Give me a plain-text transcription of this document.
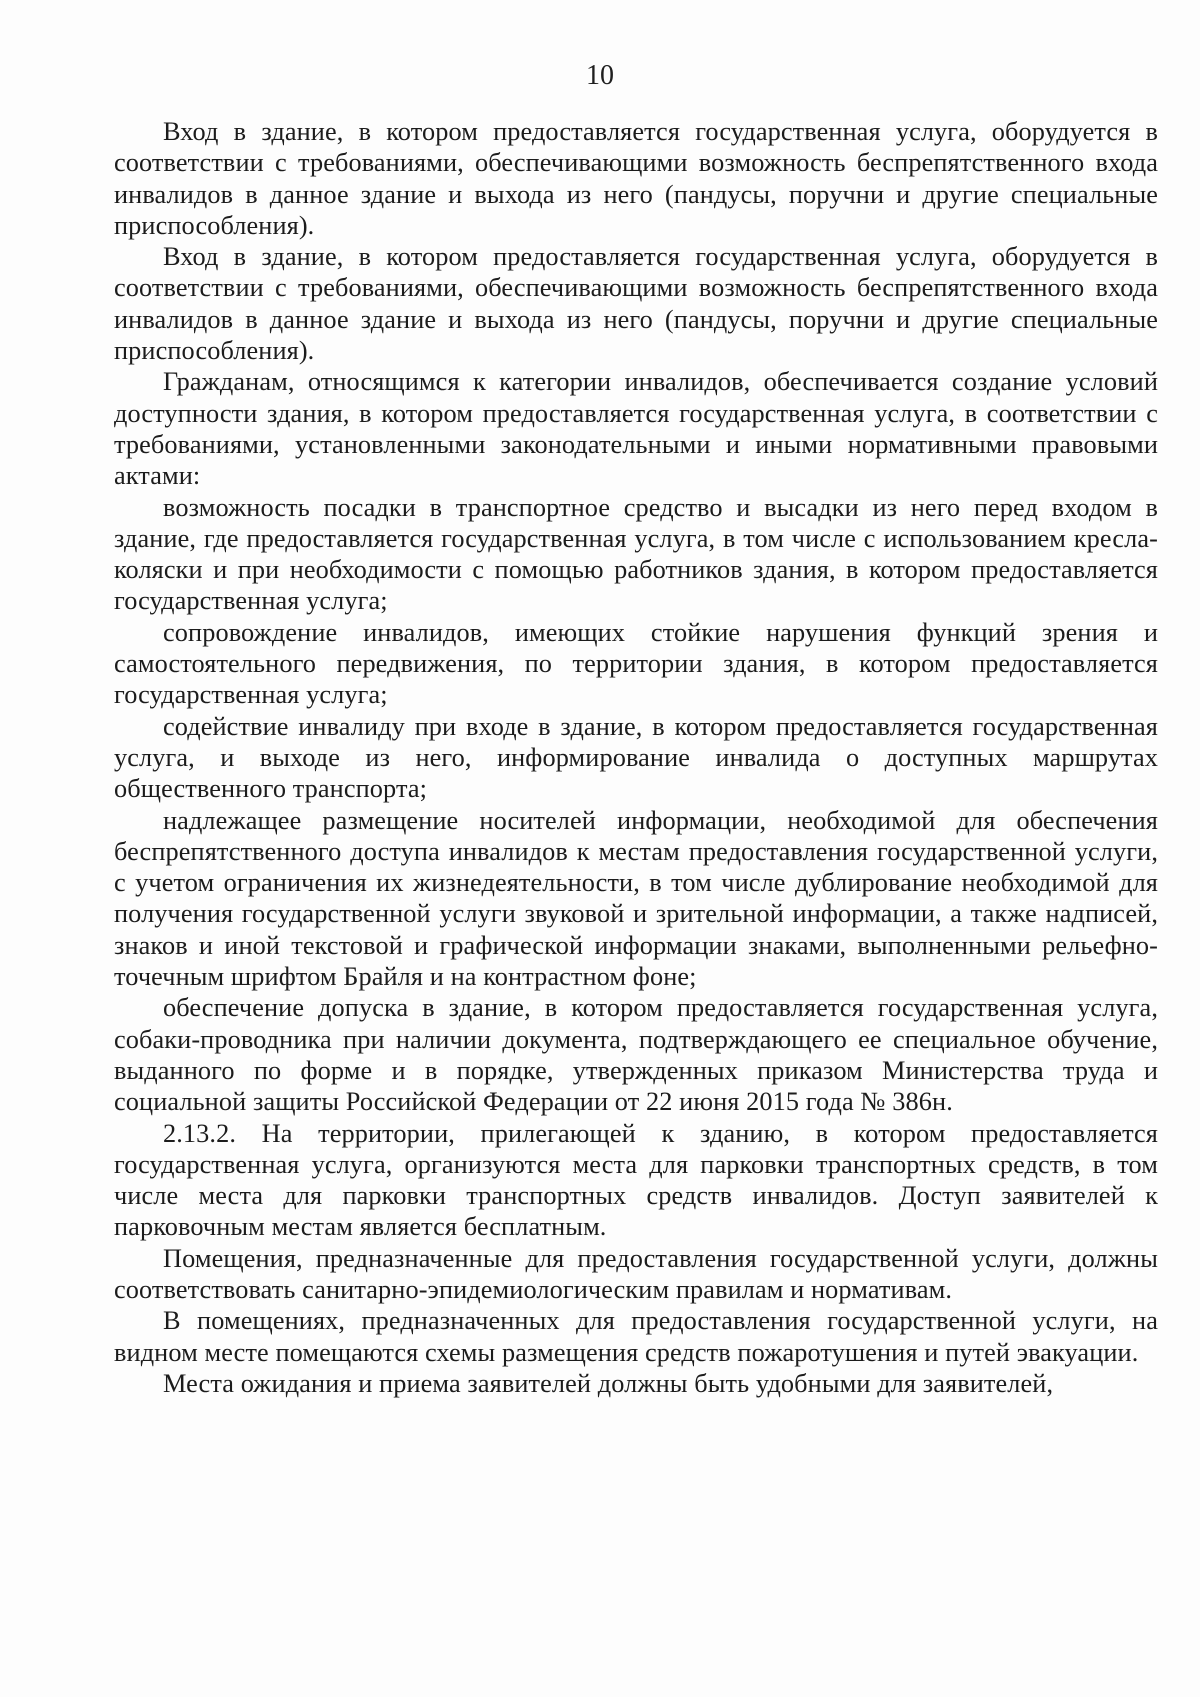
10

Вход в здание, в котором предоставляется государственная услуга, оборудуется в соответствии с требованиями, обеспечивающими возможность беспрепятственного входа инвалидов в данное здание и выхода из него (пандусы, поручни и другие специальные приспособления).

Вход в здание, в котором предоставляется государственная услуга, оборудуется в соответствии с требованиями, обеспечивающими возможность беспрепятственного входа инвалидов в данное здание и выхода из него (пандусы, поручни и другие специальные приспособления).

Гражданам, относящимся к категории инвалидов, обеспечивается создание условий доступности здания, в котором предоставляется государственная услуга, в соответствии с требованиями, установленными законодательными и иными нормативными правовыми актами:

возможность посадки в транспортное средство и высадки из него перед входом в здание, где предоставляется государственная услуга, в том числе с использованием кресла-коляски и при необходимости с помощью работников здания, в котором предоставляется государственная услуга;

сопровождение инвалидов, имеющих стойкие нарушения функций зрения и самостоятельного передвижения, по территории здания, в котором предоставляется государственная услуга;

содействие инвалиду при входе в здание, в котором предоставляется государственная услуга, и выходе из него, информирование инвалида о доступных маршрутах общественного транспорта;

надлежащее размещение носителей информации, необходимой для обеспечения беспрепятственного доступа инвалидов к местам предоставления государственной услуги, с учетом ограничения их жизнедеятельности, в том числе дублирование необходимой для получения государственной услуги звуковой и зрительной информации, а также надписей, знаков и иной текстовой и графической информации знаками, выполненными рельефно-точечным шрифтом Брайля и на контрастном фоне;

обеспечение допуска в здание, в котором предоставляется государственная услуга, собаки-проводника при наличии документа, подтверждающего ее специальное обучение, выданного по форме и в порядке, утвержденных приказом Министерства труда и социальной защиты Российской Федерации от 22 июня 2015 года № 386н.

2.13.2. На территории, прилегающей к зданию, в котором предоставляется государственная услуга, организуются места для парковки транспортных средств, в том числе места для парковки транспортных средств инвалидов. Доступ заявителей к парковочным местам является бесплатным.

Помещения, предназначенные для предоставления государственной услуги, должны соответствовать санитарно-эпидемиологическим правилам и нормативам.

В помещениях, предназначенных для предоставления государственной услуги, на видном месте помещаются схемы размещения средств пожаротушения и путей эвакуации.

Места ожидания и приема заявителей должны быть удобными для заявителей,
